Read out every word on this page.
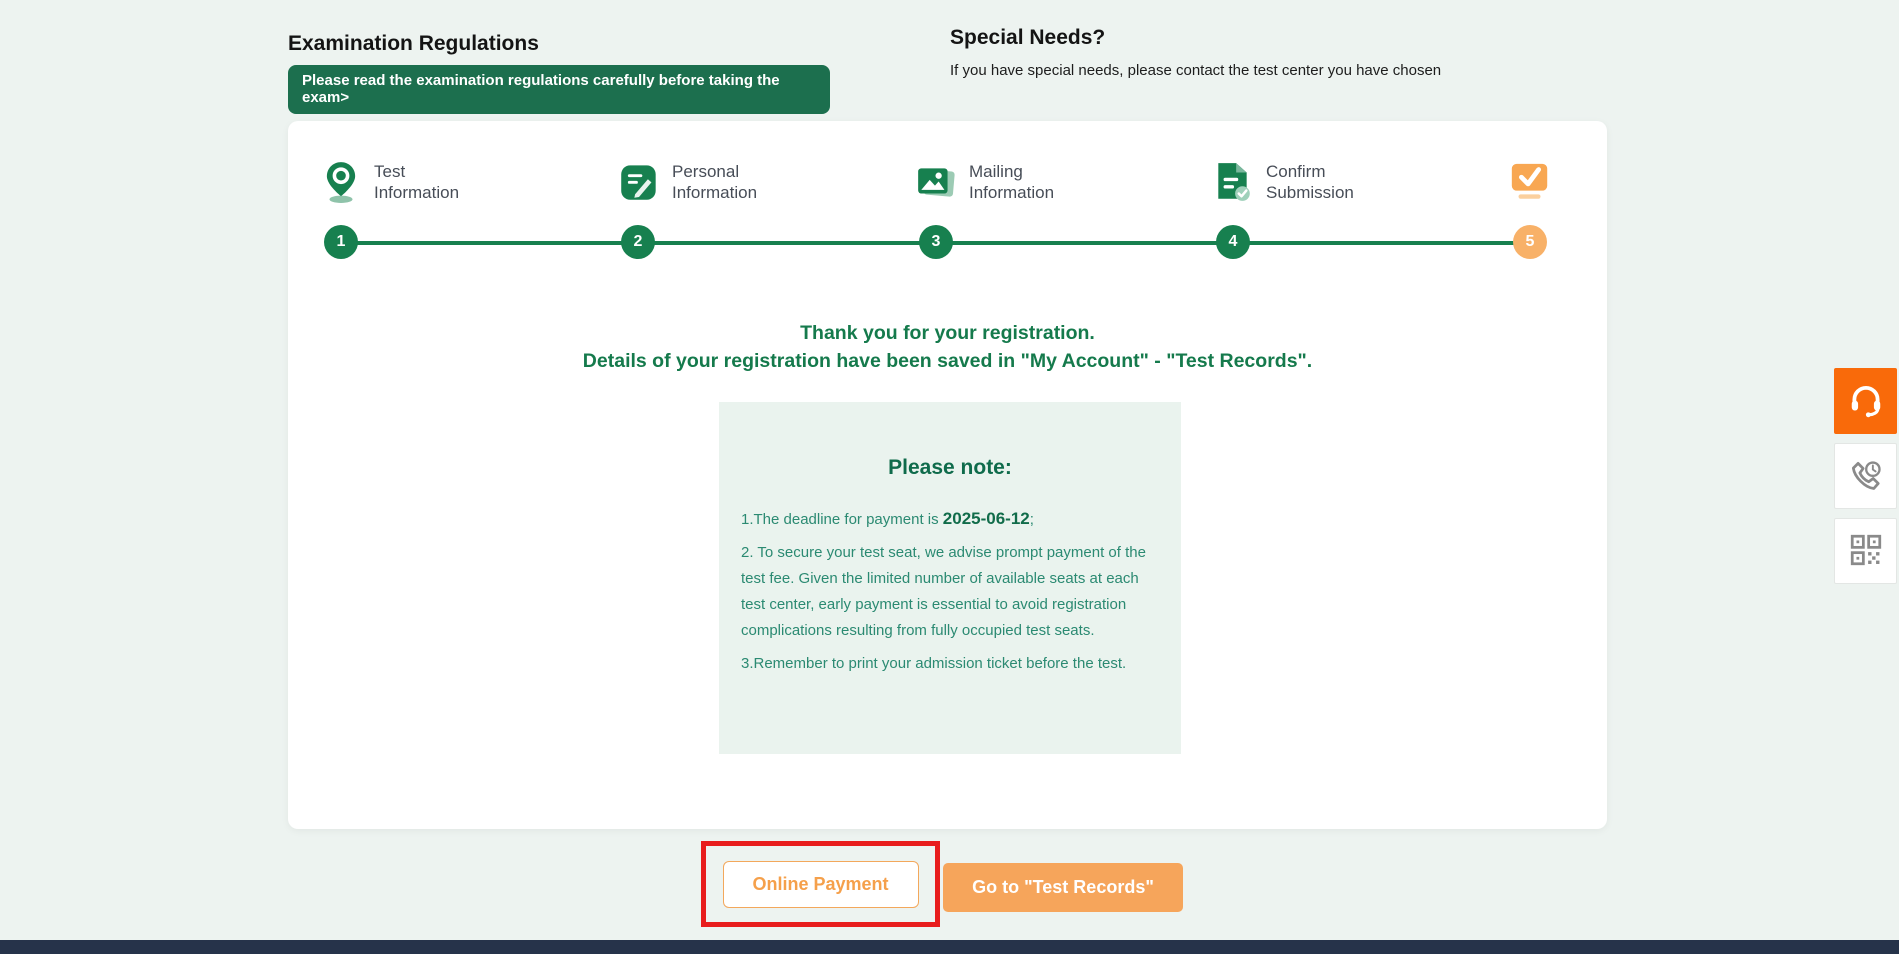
Examination Regulations
Please read the examination regulations carefully before taking the exam>
Special Needs?
If you have special needs, please contact the test center you have chosen
Test
Information
Personal
Information
Mailing
Information
Confirm
Submission
1	2	3	4	5
Thank you for your registration.
Details of your registration have been saved in "My Account" - "Test Records".
Please note:

1.The deadline for payment is 2025-06-12;

2. To secure your test seat, we advise prompt payment of the test fee. Given the limited number of available seats at each test center, early payment is essential to avoid registration complications resulting from fully occupied test seats.

3.Remember to print your admission ticket before the test.

Online Payment	Go to "Test Records"
